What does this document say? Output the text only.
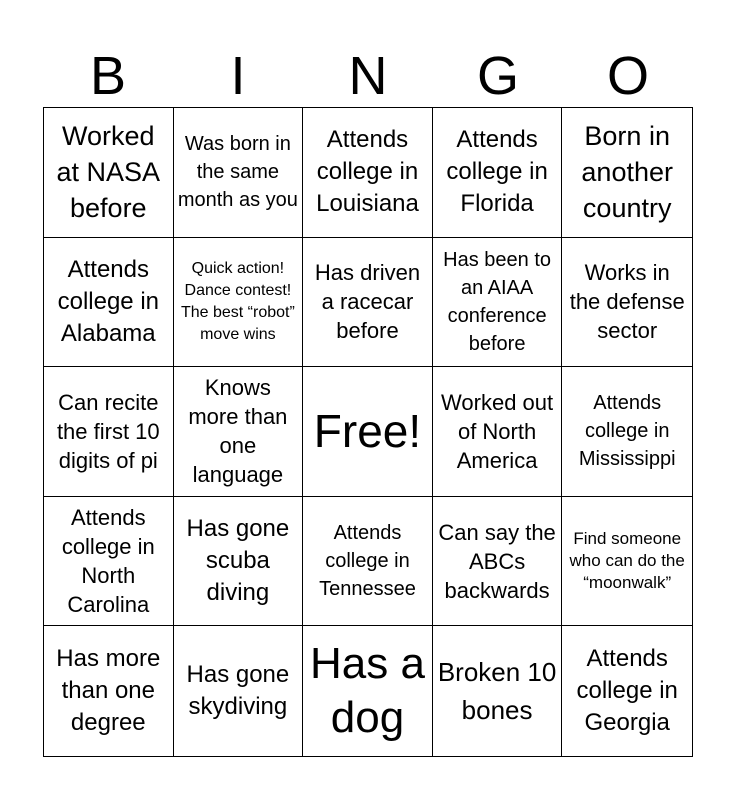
B	I	N	G	O
Worked at NASA before
Was born in the same month as you
Attends college in Louisiana
Attends college in Florida
Born in another country
Attends college in Alabama
Quick action! Dance contest! The best “robot” move wins
Has driven a racecar before
Has been to an AIAA conference before
Works in the defense sector
Can recite the first 10 digits of pi
Knows more than one language
Free!
Worked out of North America
Attends college in Mississippi
Attends college in North Carolina
Has gone scuba diving
Attends college in Tennessee
Can say the ABCs backwards
Find someone who can do the “moonwalk”
Has more than one degree
Has gone skydiving
Has a dog
Broken 10 bones
Attends college in Georgia
